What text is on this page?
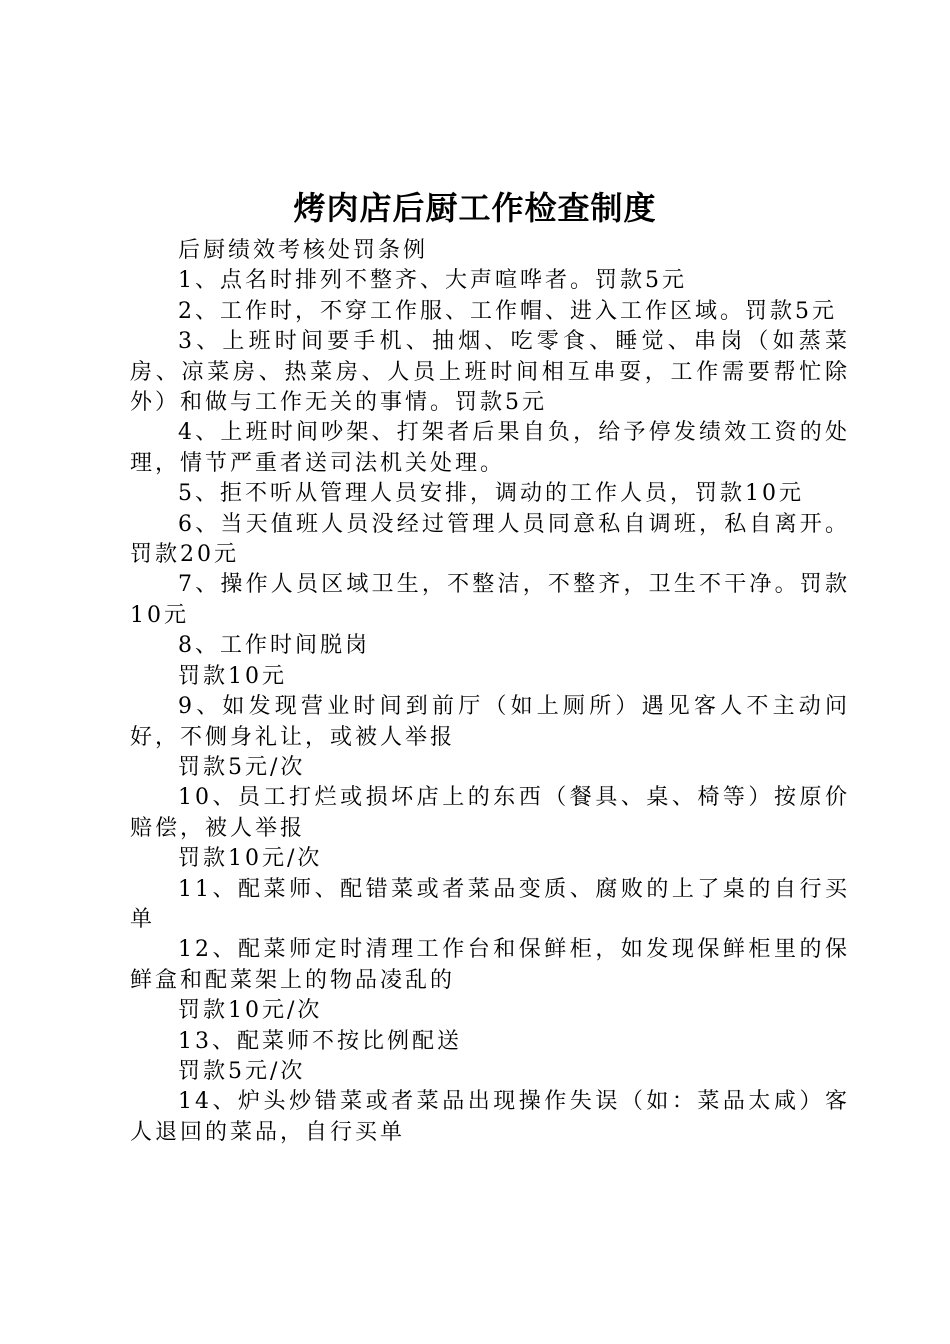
烤肉店后厨工作检查制度

后厨绩效考核处罚条例

1、点名时排列不整齐、大声喧哗者。罚款5元

2、工作时，不穿工作服、工作帽、进入工作区域。罚款5元

3、上班时间要手机、抽烟、吃零食、睡觉、串岗（如蒸菜房、凉菜房、热菜房、人员上班时间相互串耍，工作需要帮忙除外）和做与工作无关的事情。罚款5元

4、上班时间吵架、打架者后果自负，给予停发绩效工资的处理，情节严重者送司法机关处理。

5、拒不听从管理人员安排，调动的工作人员，罚款10元

6、当天值班人员没经过管理人员同意私自调班，私自离开。罚款20元

7、操作人员区域卫生，不整洁，不整齐，卫生不干净。罚款10元

8、工作时间脱岗

罚款10元

9、如发现营业时间到前厅（如上厕所）遇见客人不主动问好，不侧身礼让，或被人举报

罚款5元/次

10、员工打烂或损坏店上的东西（餐具、桌、椅等）按原价赔偿，被人举报

罚款10元/次

11、配菜师、配错菜或者菜品变质、腐败的上了桌的自行买单

12、配菜师定时清理工作台和保鲜柜，如发现保鲜柜里的保鲜盒和配菜架上的物品凌乱的

罚款10元/次

13、配菜师不按比例配送

罚款5元/次

14、炉头炒错菜或者菜品出现操作失误（如：菜品太咸）客人退回的菜品，自行买单
